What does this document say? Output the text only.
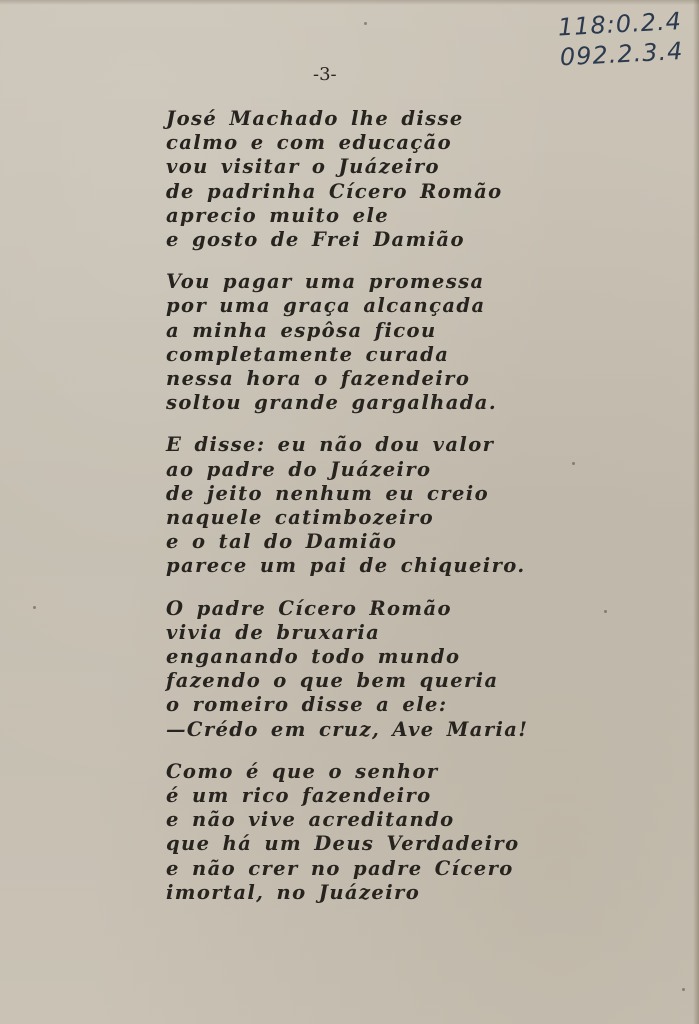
118:0.2.4
092.2.3.4
-3-
José Machado lhe disse
calmo e com educação
vou visitar o Juázeiro
de padrinha Cícero Romão
aprecio muito ele
e gosto de Frei Damião
Vou pagar uma promessa
por uma graça alcançada
a minha espôsa ficou
completamente curada
nessa hora o fazendeiro
soltou grande gargalhada.
E disse: eu não dou valor
ao padre do Juázeiro
de jeito nenhum eu creio
naquele catimbozeiro
e o tal do Damião
parece um pai de chiqueiro.
O padre Cícero Romão
vivia de bruxaria
enganando todo mundo
fazendo o que bem queria
o romeiro disse a ele:
—Crédo em cruz, Ave Maria!
Como é que o senhor
é um rico fazendeiro
e não vive acreditando
que há um Deus Verdadeiro
e não crer no padre Cícero
imortal, no Juázeiro
